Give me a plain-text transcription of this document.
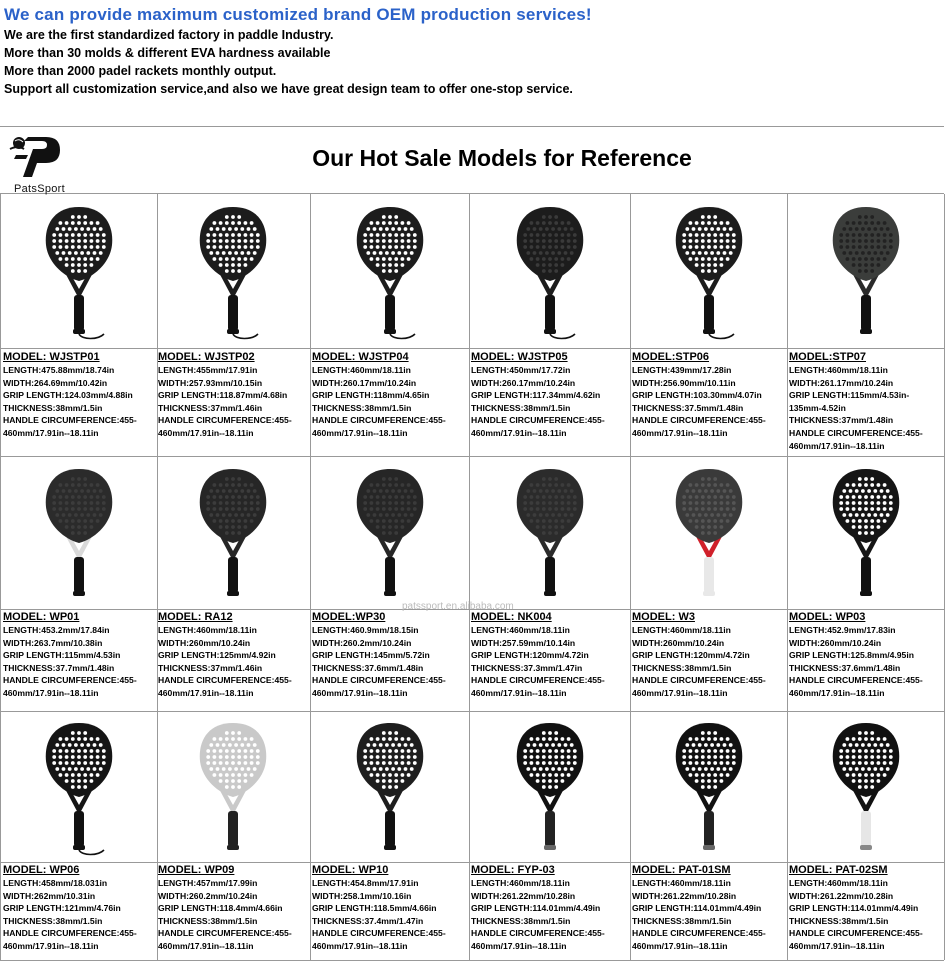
We can provide maximum customized brand OEM production services!
We are the first standardized factory in paddle Industry.
More than 30 molds & different EVA hardness available
More than 2000 padel rackets monthly output.
Support all customization service,and also we have great design team to offer one-stop service.
PatsSport
Our Hot Sale Models for Reference
MODEL: WJSTP01
LENGTH:475.88mm/18.74in
WIDTH:264.69mm/10.42in
GRIP LENGTH:124.03mm/4.88in
THICKNESS:38mm/1.5in
HANDLE CIRCUMFERENCE:455-
460mm/17.91in--18.11in
MODEL: WJSTP02
LENGTH:455mm/17.91in
WIDTH:257.93mm/10.15in
GRIP LENGTH:118.87mm/4.68in
THICKNESS:37mm/1.46in
HANDLE CIRCUMFERENCE:455-
460mm/17.91in--18.11in
MODEL: WJSTP04
LENGTH:460mm/18.11in
WIDTH:260.17mm/10.24in
GRIP LENGTH:118mm/4.65in
THICKNESS:38mm/1.5in
HANDLE CIRCUMFERENCE:455-
460mm/17.91in--18.11in
MODEL: WJSTP05
LENGTH:450mm/17.72in
WIDTH:260.17mm/10.24in
GRIP LENGTH:117.34mm/4.62in
THICKNESS:38mm/1.5in
HANDLE CIRCUMFERENCE:455-
460mm/17.91in--18.11in
MODEL:STP06
LENGTH:439mm/17.28in
WIDTH:256.90mm/10.11in
GRIP LENGTH:103.30mm/4.07in
THICKNESS:37.5mm/1.48in
HANDLE CIRCUMFERENCE:455-
460mm/17.91in--18.11in
MODEL:STP07
LENGTH:460mm/18.11in
WIDTH:261.17mm/10.24in
GRIP LENGTH:115mm/4.53in-
135mm-4.52in
THICKNESS:37mm/1.48in
HANDLE CIRCUMFERENCE:455-
460mm/17.91in--18.11in
MODEL: WP01
LENGTH:453.2mm/17.84in
WIDTH:263.7mm/10.38in
GRIP LENGTH:115mm/4.53in
THICKNESS:37.7mm/1.48in
HANDLE CIRCUMFERENCE:455-
460mm/17.91in--18.11in
MODEL: RA12
LENGTH:460mm/18.11in
WIDTH:260mm/10.24in
GRIP LENGTH:125mm/4.92in
THICKNESS:37mm/1.46in
HANDLE CIRCUMFERENCE:455-
460mm/17.91in--18.11in
MODEL:WP30
LENGTH:460.9mm/18.15in
WIDTH:260.2mm/10.24in
GRIP LENGTH:145mm/5.72in
THICKNESS:37.6mm/1.48in
HANDLE CIRCUMFERENCE:455-
460mm/17.91in--18.11in
MODEL: NK004
LENGTH:460mm/18.11in
WIDTH:257.59mm/10.14in
GRIP LENGTH:120mm/4.72in
THICKNESS:37.3mm/1.47in
HANDLE CIRCUMFERENCE:455-
460mm/17.91in--18.11in
MODEL: W3
LENGTH:460mm/18.11in
WIDTH:260mm/10.24in
GRIP LENGTH:120mm/4.72in
THICKNESS:38mm/1.5in
HANDLE CIRCUMFERENCE:455-
460mm/17.91in--18.11in
MODEL: WP03
LENGTH:452.9mm/17.83in
WIDTH:260mm/10.24in
GRIP LENGTH:125.8mm/4.95in
THICKNESS:37.6mm/1.48in
HANDLE CIRCUMFERENCE:455-
460mm/17.91in--18.11in
MODEL: WP06
LENGTH:458mm/18.031in
WIDTH:262mm/10.31in
GRIP LENGTH:121mm/4.76in
THICKNESS:38mm/1.5in
HANDLE CIRCUMFERENCE:455-
460mm/17.91in--18.11in
MODEL: WP09
LENGTH:457mm/17.99in
WIDTH:260.2mm/10.24in
GRIP LENGTH:118.4mm/4.66in
THICKNESS:38mm/1.5in
HANDLE CIRCUMFERENCE:455-
460mm/17.91in--18.11in
MODEL: WP10
LENGTH:454.8mm/17.91in
WIDTH:258.1mm/10.16in
GRIP LENGTH:118.5mm/4.66in
THICKNESS:37.4mm/1.47in
HANDLE CIRCUMFERENCE:455-
460mm/17.91in--18.11in
MODEL: FYP-03
LENGTH:460mm/18.11in
WIDTH:261.22mm/10.28in
GRIP LENGTH:114.01mm/4.49in
THICKNESS:38mm/1.5in
HANDLE CIRCUMFERENCE:455-
460mm/17.91in--18.11in
MODEL: PAT-01SM
LENGTH:460mm/18.11in
WIDTH:261.22mm/10.28in
GRIP LENGTH:114.01mm/4.49in
THICKNESS:38mm/1.5in
HANDLE CIRCUMFERENCE:455-
460mm/17.91in--18.11in
MODEL: PAT-02SM
LENGTH:460mm/18.11in
WIDTH:261.22mm/10.28in
GRIP LENGTH:114.01mm/4.49in
THICKNESS:38mm/1.5in
HANDLE CIRCUMFERENCE:455-
460mm/17.91in--18.11in
patssport.en.alibaba.com
